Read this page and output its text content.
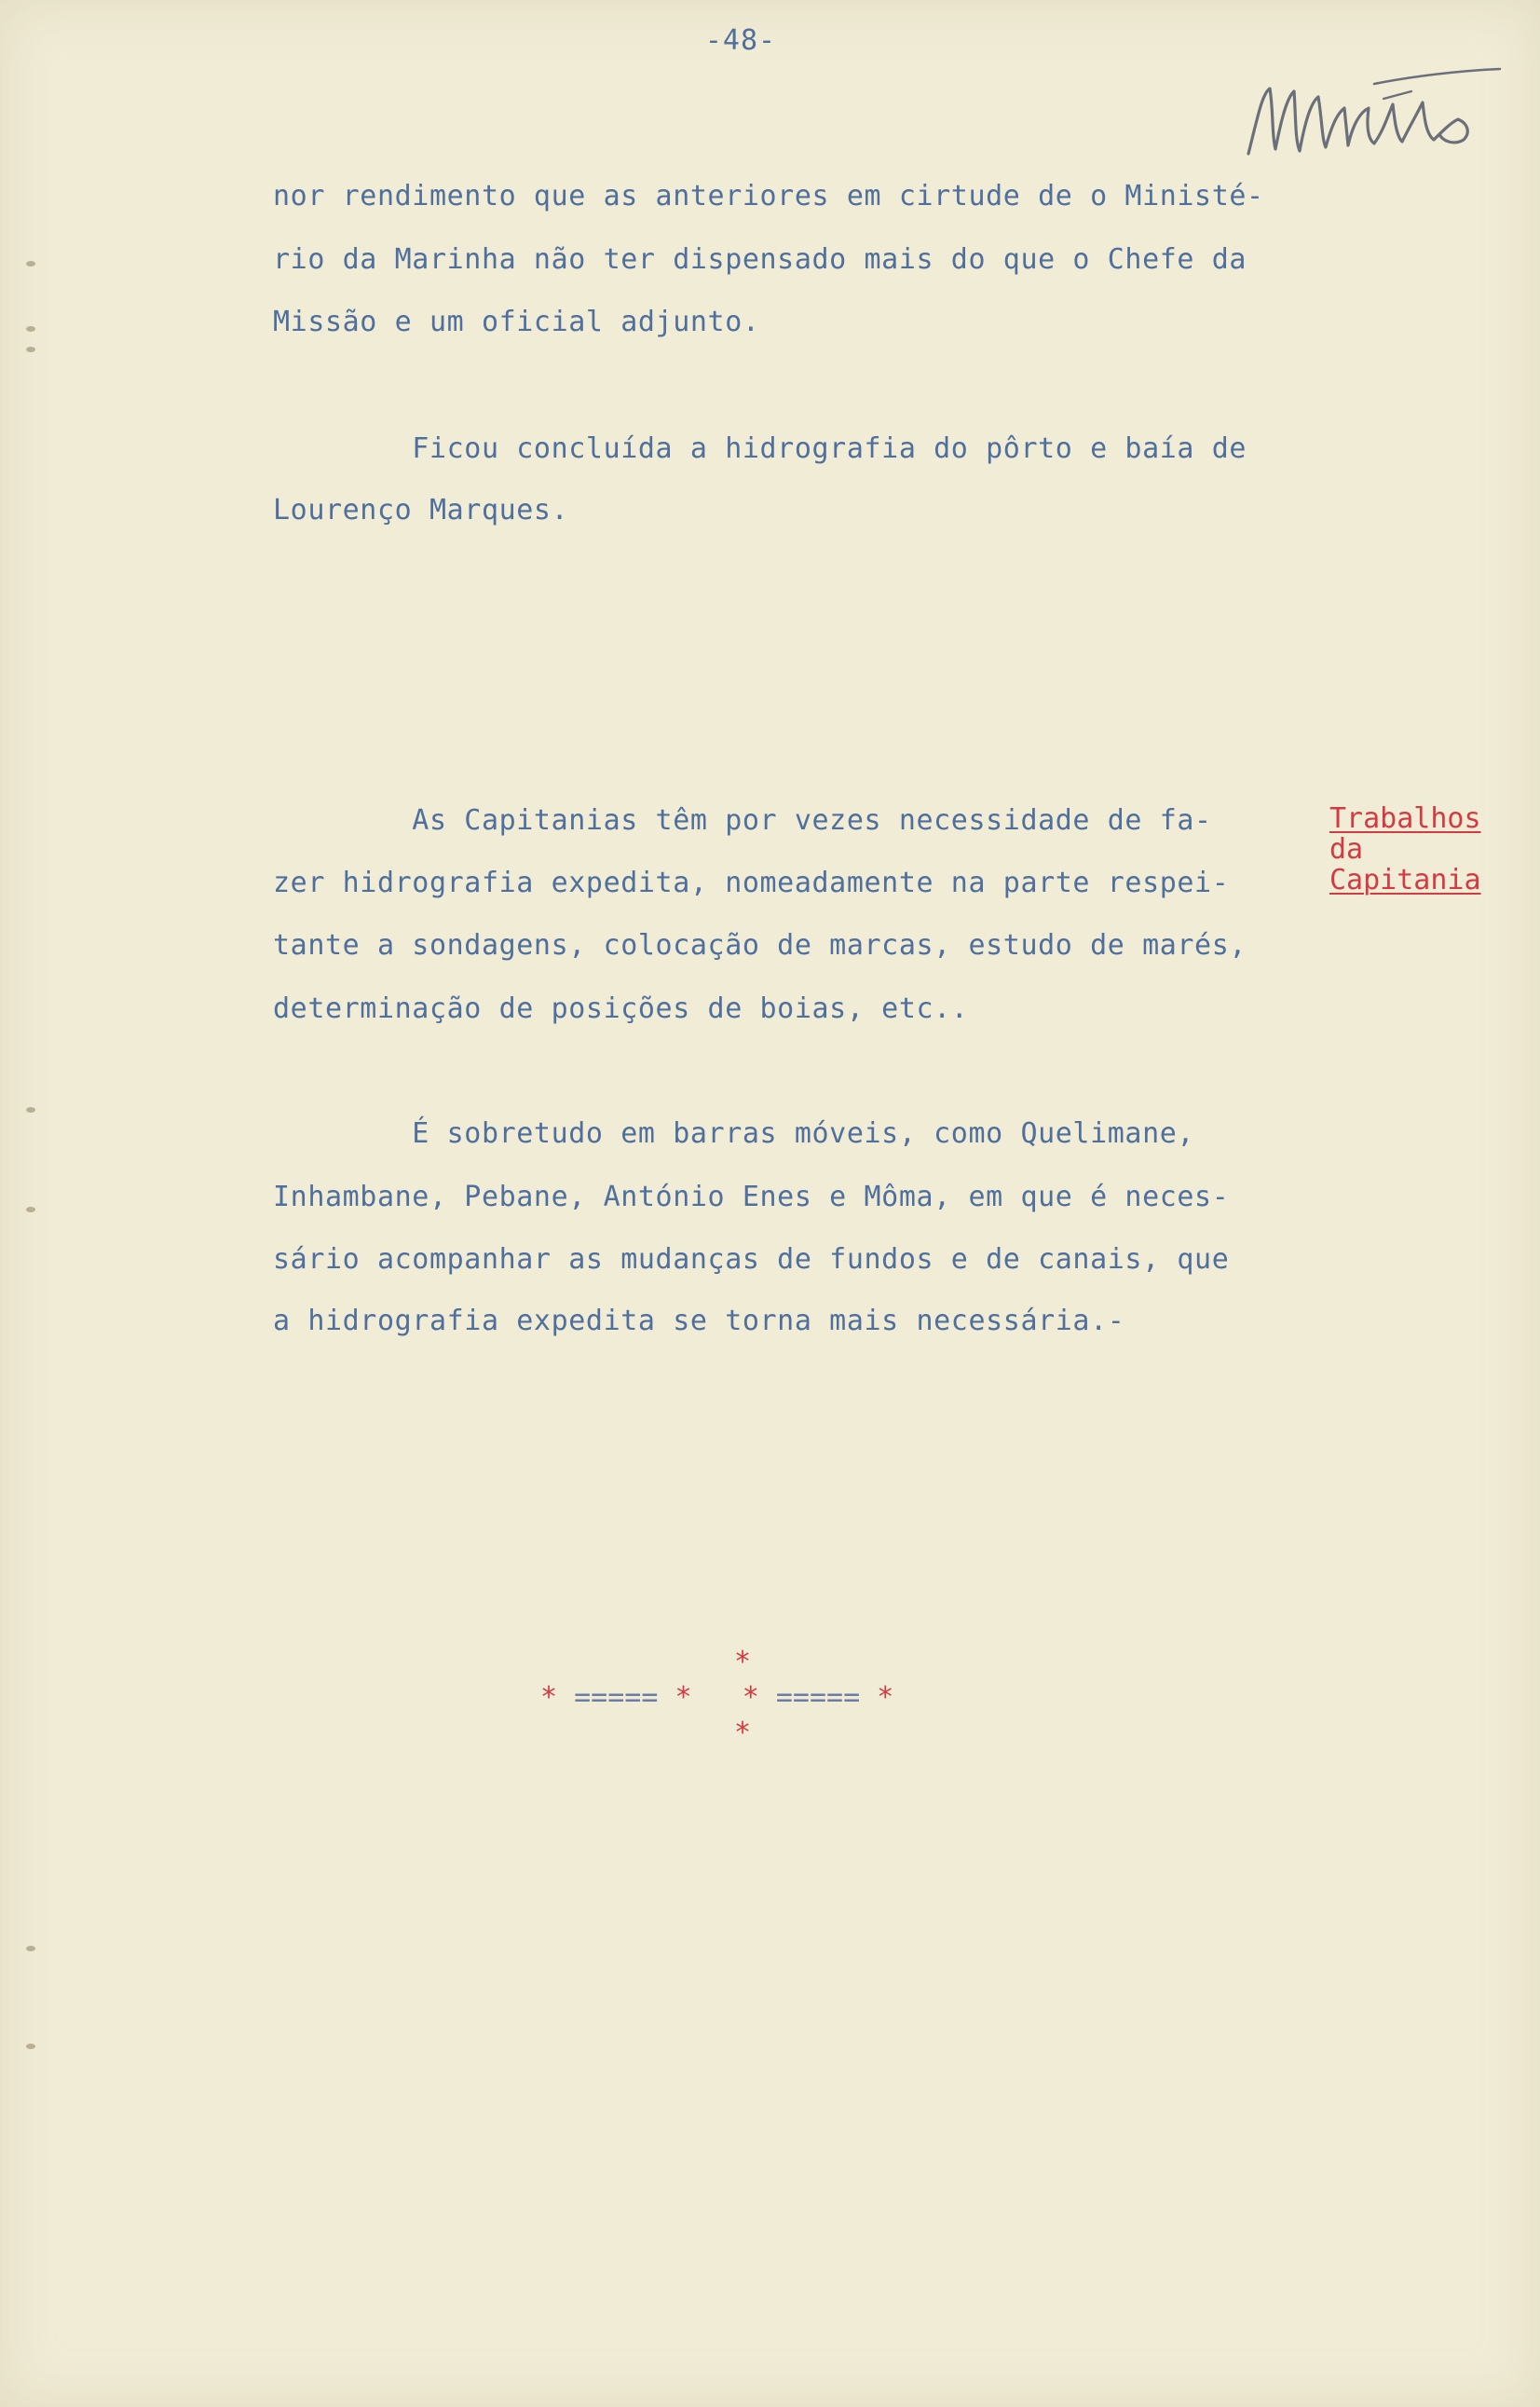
-48-
nor rendimento que as anteriores em cirtude de o Ministé-
rio da Marinha não ter dispensado mais do que o Chefe da
Missão e um oficial adjunto.
Ficou concluída a hidrografia do pôrto e baía de
Lourenço Marques.
As Capitanias têm por vezes necessidade de fa-
zer hidrografia expedita, nomeadamente na parte respei-
tante a sondagens, colocação de marcas, estudo de marés,
determinação de posições de boias, etc..
É sobretudo em barras móveis, como Quelimane,
Inhambane, Pebane, António Enes e Môma, em que é neces-
sário acompanhar as mudanças de fundos e de canais, que
a hidrografia expedita se torna mais necessária.-
Trabalhos
da
Capitania
*
* ===== * * ===== *
*
